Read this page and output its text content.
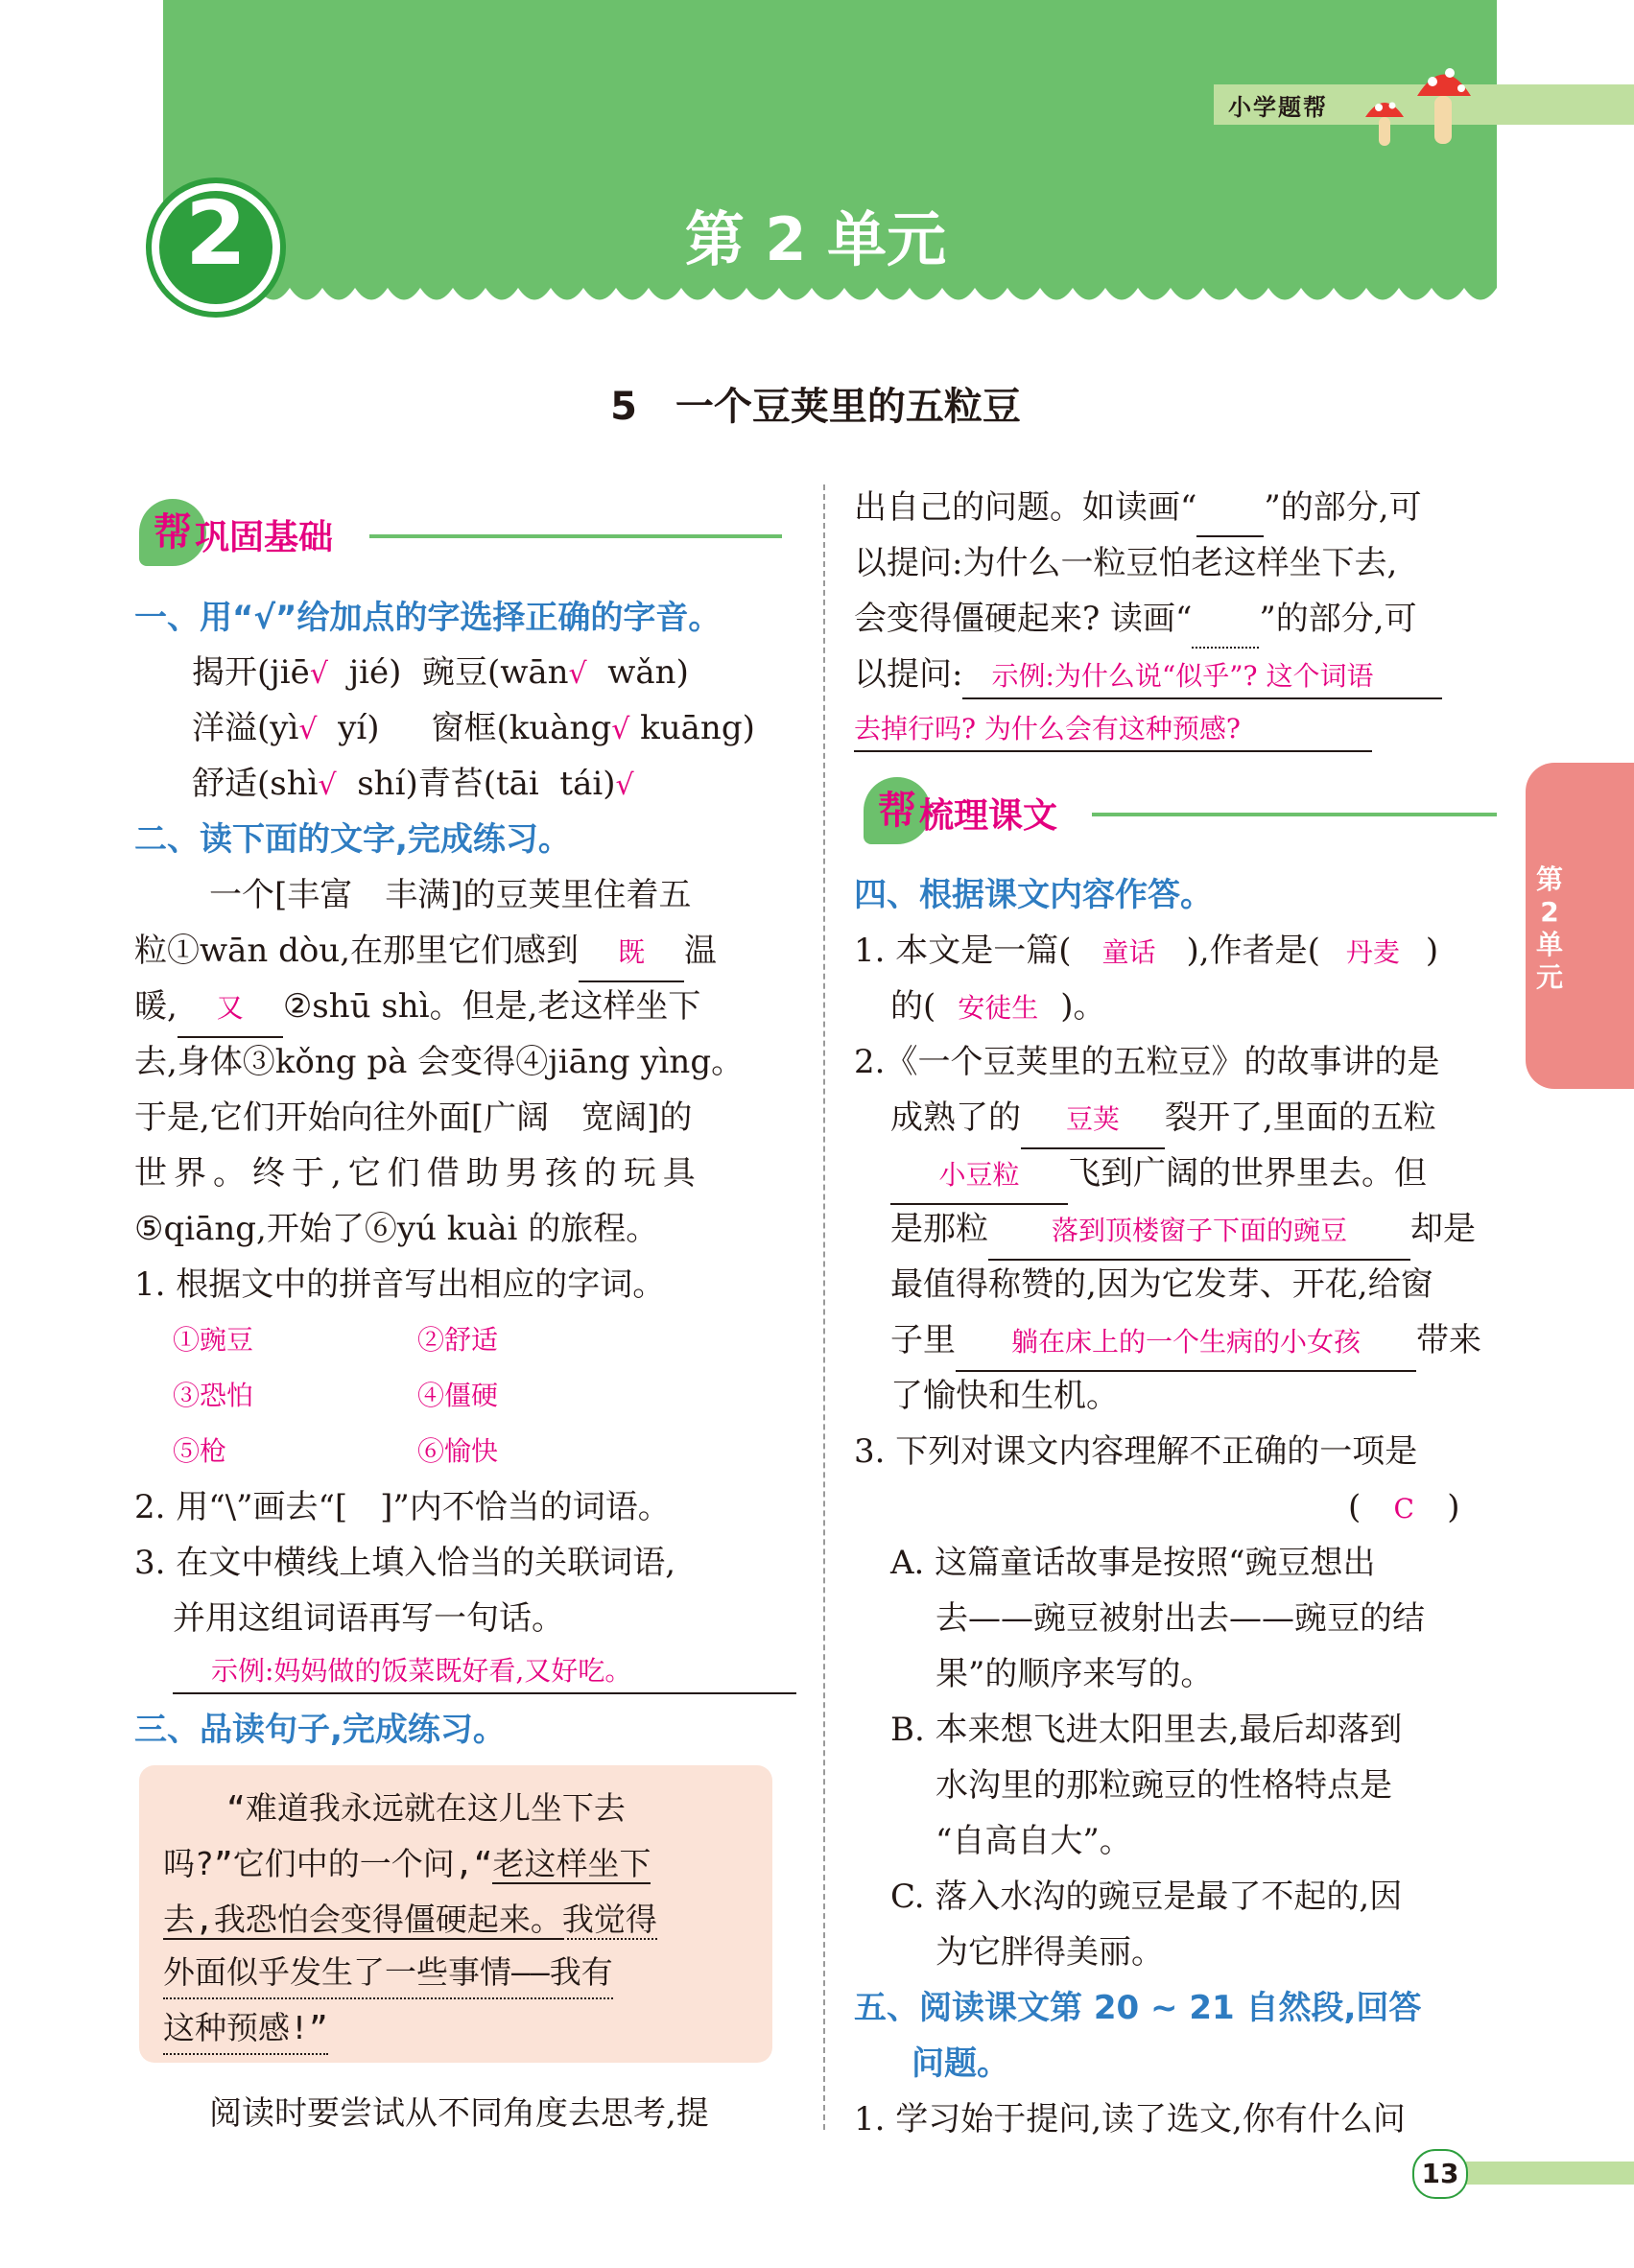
小学题帮
2	第 2 单元
5　一个豆荚里的五粒豆
第2单元
帮 巩固基础
一、用“√”给加点的字选择正确的字音。
揭开(jiē√ jié) 豌豆(wān√ wǎn)
洋溢(yì√ yí) 窗框(kuàng√ kuāng)
舒适(shì√ shí)青苔(tāi tái)√
二、读下面的文字,完成练习。
一个[丰富　丰满]的豆荚里住着五
粒①wān dòu,在那里它们感到 既 温
暖, 又 ②shū shì。但是,老这样坐下
去,身体③kǒng pà 会变得④jiāng yìng。
于是,它们开始向往外面[广阔　宽阔]的
世界。终于,它们借助男孩的玩具
⑤qiāng,开始了⑥yú kuài 的旅程。
1. 根据文中的拼音写出相应的字词。
①豌豆	②舒适
③恐怕	④僵硬
⑤枪	⑥愉快
2. 用“\”画去“[　]”内不恰当的词语。
3. 在文中横线上填入恰当的关联词语,
并用这组词语再写一句话。
示例:妈妈做的饭菜既好看,又好吃。
三、品读句子,完成练习。
　　“难道我永远就在这儿坐下去
吗?”它们中的一个问,“老这样坐下
去,我恐怕会变得僵硬起来。我觉得
外面似乎发生了一些事情——我有
这种预感!”
阅读时要尝试从不同角度去思考,提
出自己的问题。如读画“ ”的部分,可
以提问:为什么一粒豆怕老这样坐下去,
会变得僵硬起来? 读画“ ”的部分,可
以提问: 示例:为什么说“似乎”? 这个词语
去掉行吗? 为什么会有这种预感?
帮 梳理课文
四、根据课文内容作答。
1. 本文是一篇( 童话 ),作者是( 丹麦 )
的( 安徒生 )。
2.《一个豆荚里的五粒豆》的故事讲的是
成熟了的 豆荚 裂开了,里面的五粒
小豆粒 飞到广阔的世界里去。但
是那粒 落到顶楼窗子下面的豌豆 却是
最值得称赞的,因为它发芽、开花,给窗
子里 躺在床上的一个生病的小女孩 带来
了愉快和生机。
3. 下列对课文内容理解不正确的一项是
( C )
A. 这篇童话故事是按照“豌豆想出
去——豌豆被射出去——豌豆的结
果”的顺序来写的。
B. 本来想飞进太阳里去,最后却落到
水沟里的那粒豌豆的性格特点是
“自高自大”。
C. 落入水沟的豌豆是最了不起的,因
为它胖得美丽。
五、阅读课文第 20 ~ 21 自然段,回答
问题。
1. 学习始于提问,读了选文,你有什么问
13
